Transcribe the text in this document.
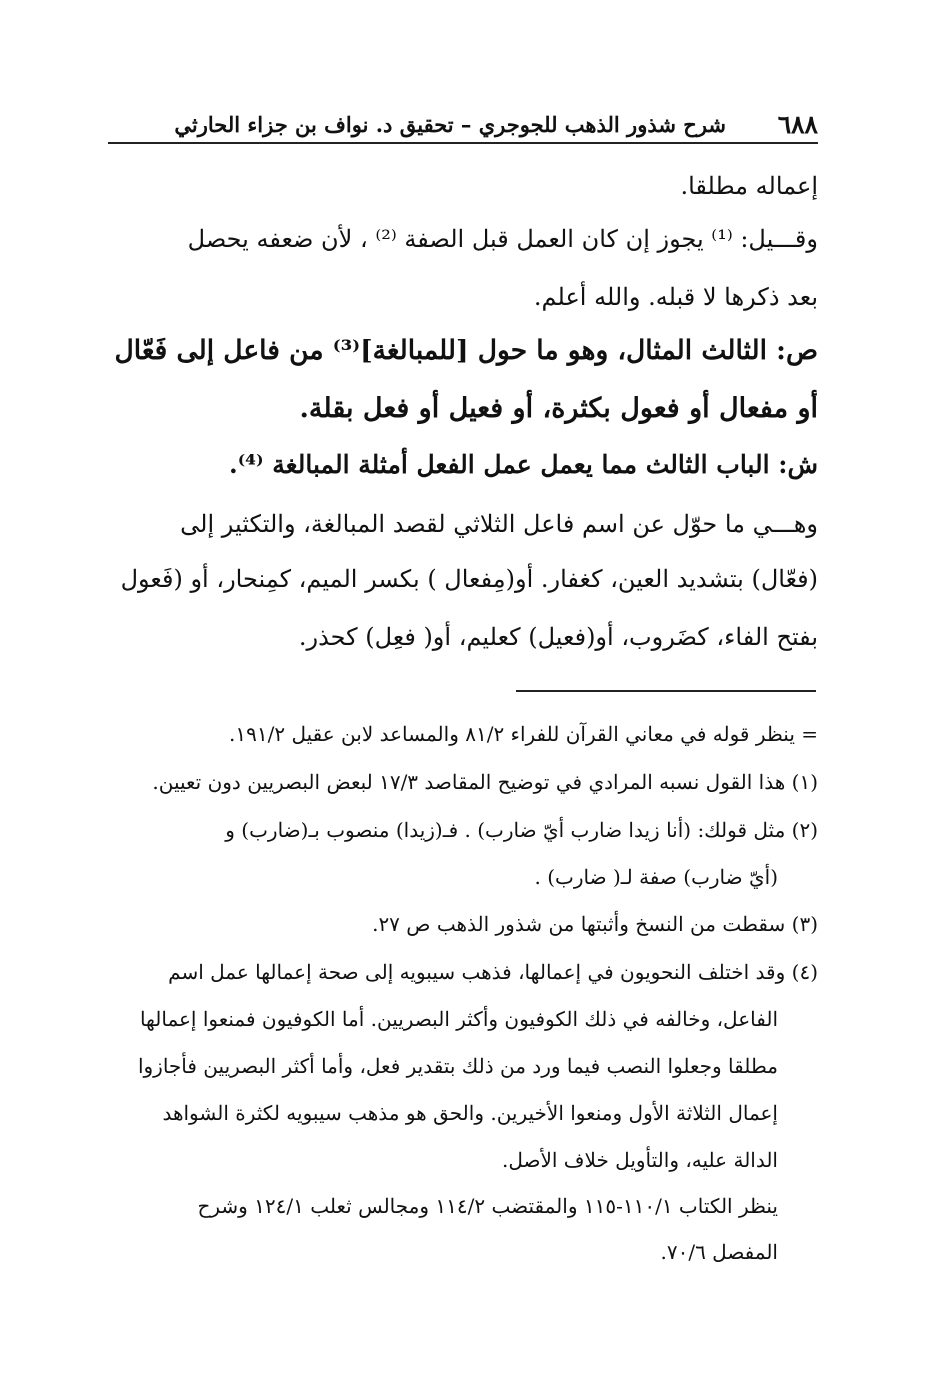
٦٨٨
شرح شذور الذهب للجوجري – تحقيق د. نواف بن جزاء الحارثي
إعماله مطلقا.
وقـــيل: ⁽¹⁾ يجوز إن كان العمل قبل الصفة ⁽²⁾ ، لأن ضعفه يحصل
بعد ذكرها لا قبله. والله أعلم.
ص: الثالث المثال، وهو ما حول [للمبالغة]⁽³⁾ من فاعل إلى فَعّال
أو مفعال أو فعول بكثرة، أو فعيل أو فعل بقلة.
ش: الباب الثالث مما يعمل عمل الفعل أمثلة المبالغة ⁽⁴⁾.
وهـــي ما حوّل عن اسم فاعل الثلاثي لقصد المبالغة، والتكثير إلى
(فعّال) بتشديد العين، كغفار. أو(مِفعال ) بكسر الميم، كمِنحار، أو (فَعول
بفتح الفاء، كضَروب، أو(فعيل) كعليم، أو( فعِل) كحذر.
= ينظر قوله في معاني القرآن للفراء ٨١/٢ والمساعد لابن عقيل ١٩١/٢.
(١) هذا القول نسبه المرادي في توضيح المقاصد ١٧/٣ لبعض البصريين دون تعيين.
(٢) مثل قولك: (أنا زيدا ضارب أيّ ضارب) . فـ(زيدا) منصوب بـ(ضارب) و
(أيّ ضارب) صفة لـ( ضارب) .
(٣) سقطت من النسخ وأثبتها من شذور الذهب ص ٢٧.
(٤) وقد اختلف النحويون في إعمالها، فذهب سيبويه إلى صحة إعمالها عمل اسم
الفاعل، وخالفه في ذلك الكوفيون وأكثر البصريين. أما الكوفيون فمنعوا إعمالها
مطلقا وجعلوا النصب فيما ورد من ذلك بتقدير فعل، وأما أكثر البصريين فأجازوا
إعمال الثلاثة الأول ومنعوا الأخيرين. والحق هو مذهب سيبويه لكثرة الشواهد
الدالة عليه، والتأويل خلاف الأصل.
ينظر الكتاب ١١٠/١-١١٥ والمقتضب ١١٤/٢ ومجالس ثعلب ١٢٤/١ وشرح
المفصل ٧٠/٦.
